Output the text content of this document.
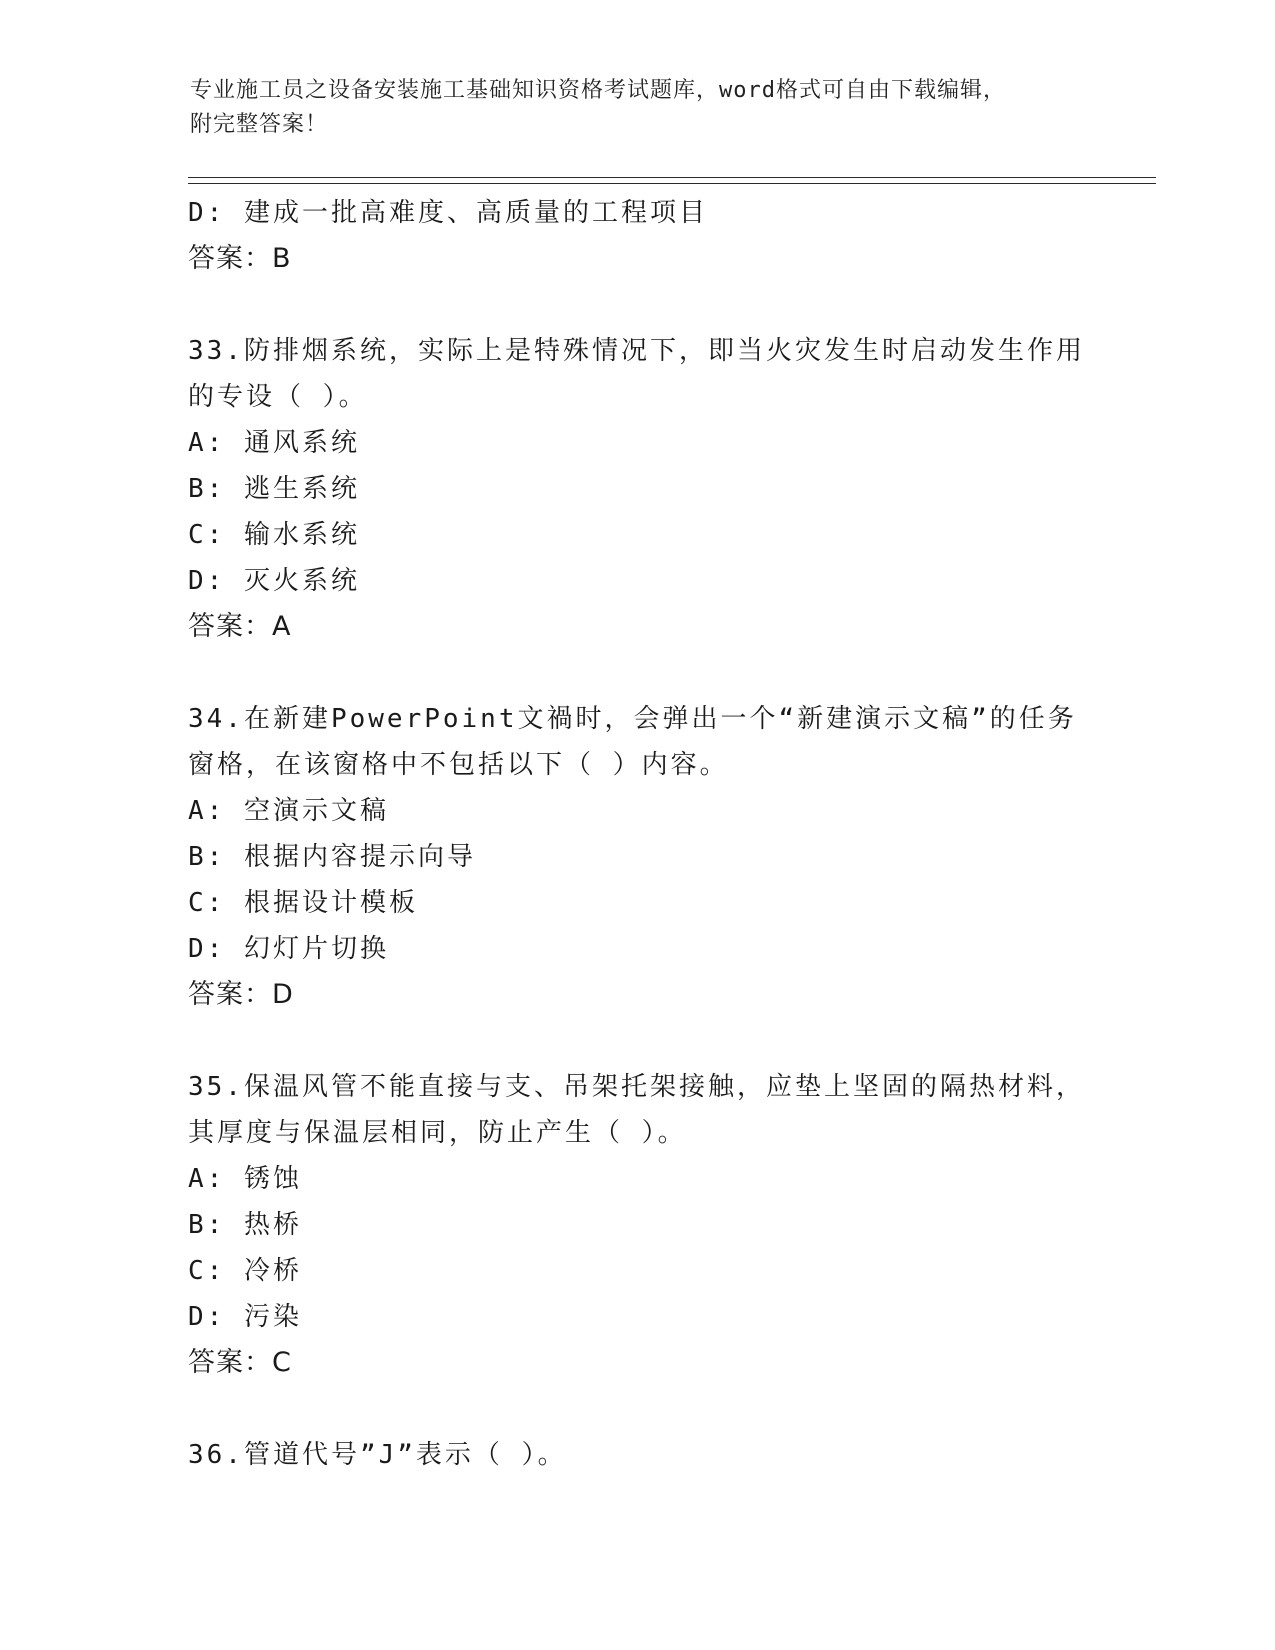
专业施工员之设备安装施工基础知识资格考试题库，word格式可自由下载编辑，
附完整答案！
D: 建成一批高难度、高质量的工程项目
答案：B
33.防排烟系统，实际上是特殊情况下，即当火灾发生时启动发生作用
的专设（ ）。
A: 通风系统
B: 逃生系统
C: 输水系统
D: 灭火系统
答案：A
34.在新建PowerPoint文禍时，会弹出一个“新建演示文稿”的任务
窗格，在该窗格中不包括以下（ ）内容。
A: 空演示文稿
B: 根据内容提示向导
C: 根据设计模板
D: 幻灯片切换
答案：D
35.保温风管不能直接与支、吊架托架接触，应垫上坚固的隔热材料，
其厚度与保温层相同，防止产生（ ）。
A: 锈蚀
B: 热桥
C: 冷桥
D: 污染
答案：C
36.管道代号”J”表示（ ）。
